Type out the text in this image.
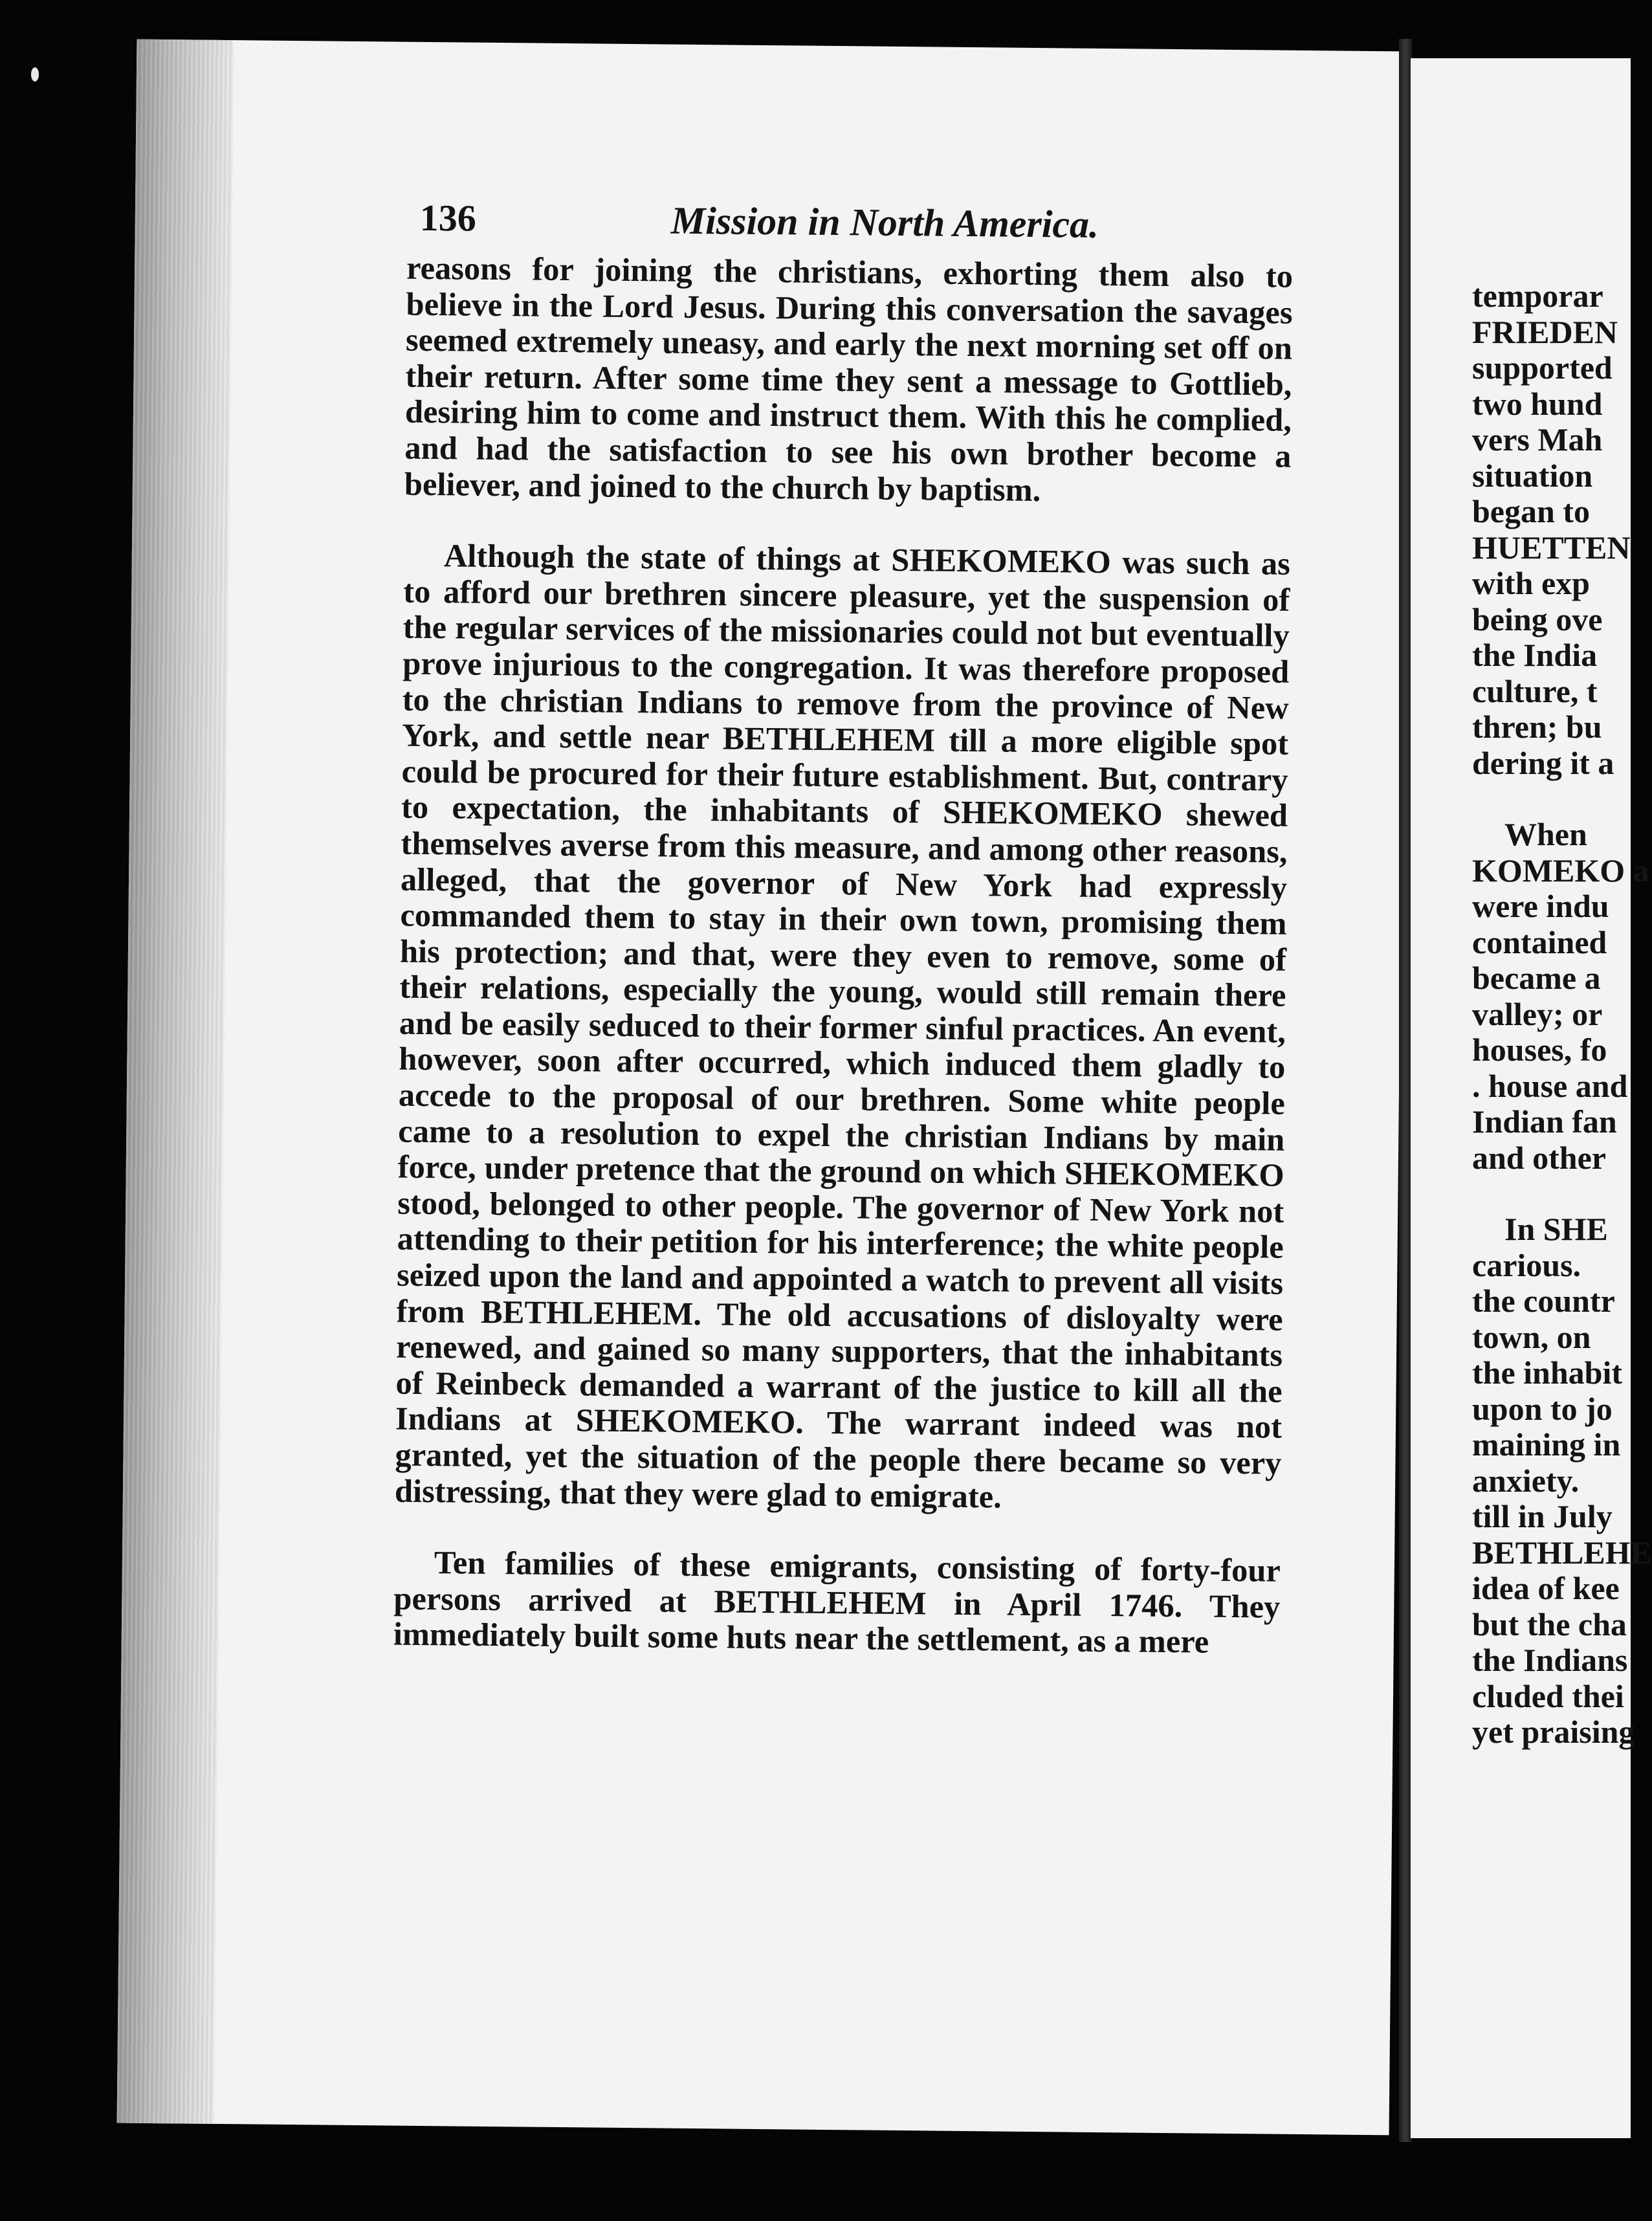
136	Mission in North America.

reasons for joining the christians, exhorting them also to believe in the Lord Jesus. During this conversation the savages seemed extremely uneasy, and early the next morning set off on their return. After some time they sent a message to Gottlieb, desiring him to come and instruct them. With this he complied, and had the satisfaction to see his own brother become a believer, and joined to the church by baptism.

Although the state of things at SHEKOMEKO was such as to afford our brethren sincere pleasure, yet the suspension of the regular services of the missionaries could not but eventually prove injurious to the congregation. It was therefore proposed to the christian Indians to remove from the province of New York, and settle near BETHLEHEM till a more eligible spot could be procured for their future establishment. But, contrary to expectation, the inhabitants of SHEKOMEKO shewed themselves averse from this measure, and among other reasons, alleged, that the governor of New York had expressly commanded them to stay in their own town, promising them his protection; and that, were they even to remove, some of their relations, especially the young, would still remain there and be easily seduced to their former sinful practices. An event, however, soon after occurred, which induced them gladly to accede to the proposal of our brethren. Some white people came to a resolution to expel the christian Indians by main force, under pretence that the ground on which SHEKOMEKO stood, belonged to other people. The governor of New York not attending to their petition for his interference; the white people seized upon the land and appointed a watch to prevent all visits from BETHLEHEM. The old accusations of disloyalty were renewed, and gained so many supporters, that the inhabitants of Reinbeck demanded a warrant of the justice to kill all the Indians at SHEKOMEKO. The warrant indeed was not granted, yet the situation of the people there became so very distressing, that they were glad to emigrate.

Ten families of these emigrants, consisting of forty-four persons arrived at BETHLEHEM in April 1746. They immediately built some huts near the settlement, as a mere

temporar
FRIEDEN
supported
two hund
vers Mah
situation
began to
HUETTEN
with exp
being ove
the India
culture, t
thren; bu
dering it a
When
KOMEKO a
were indu
contained
became a
valley; or
houses, fo
. house and
Indian fan
and other
In SHE
carious.
the countr
town, on
the inhabit
upon to jo
maining in
anxiety.
till in July
BETHLEHE
idea of kee
but the cha
the Indians
cluded thei
yet praising
